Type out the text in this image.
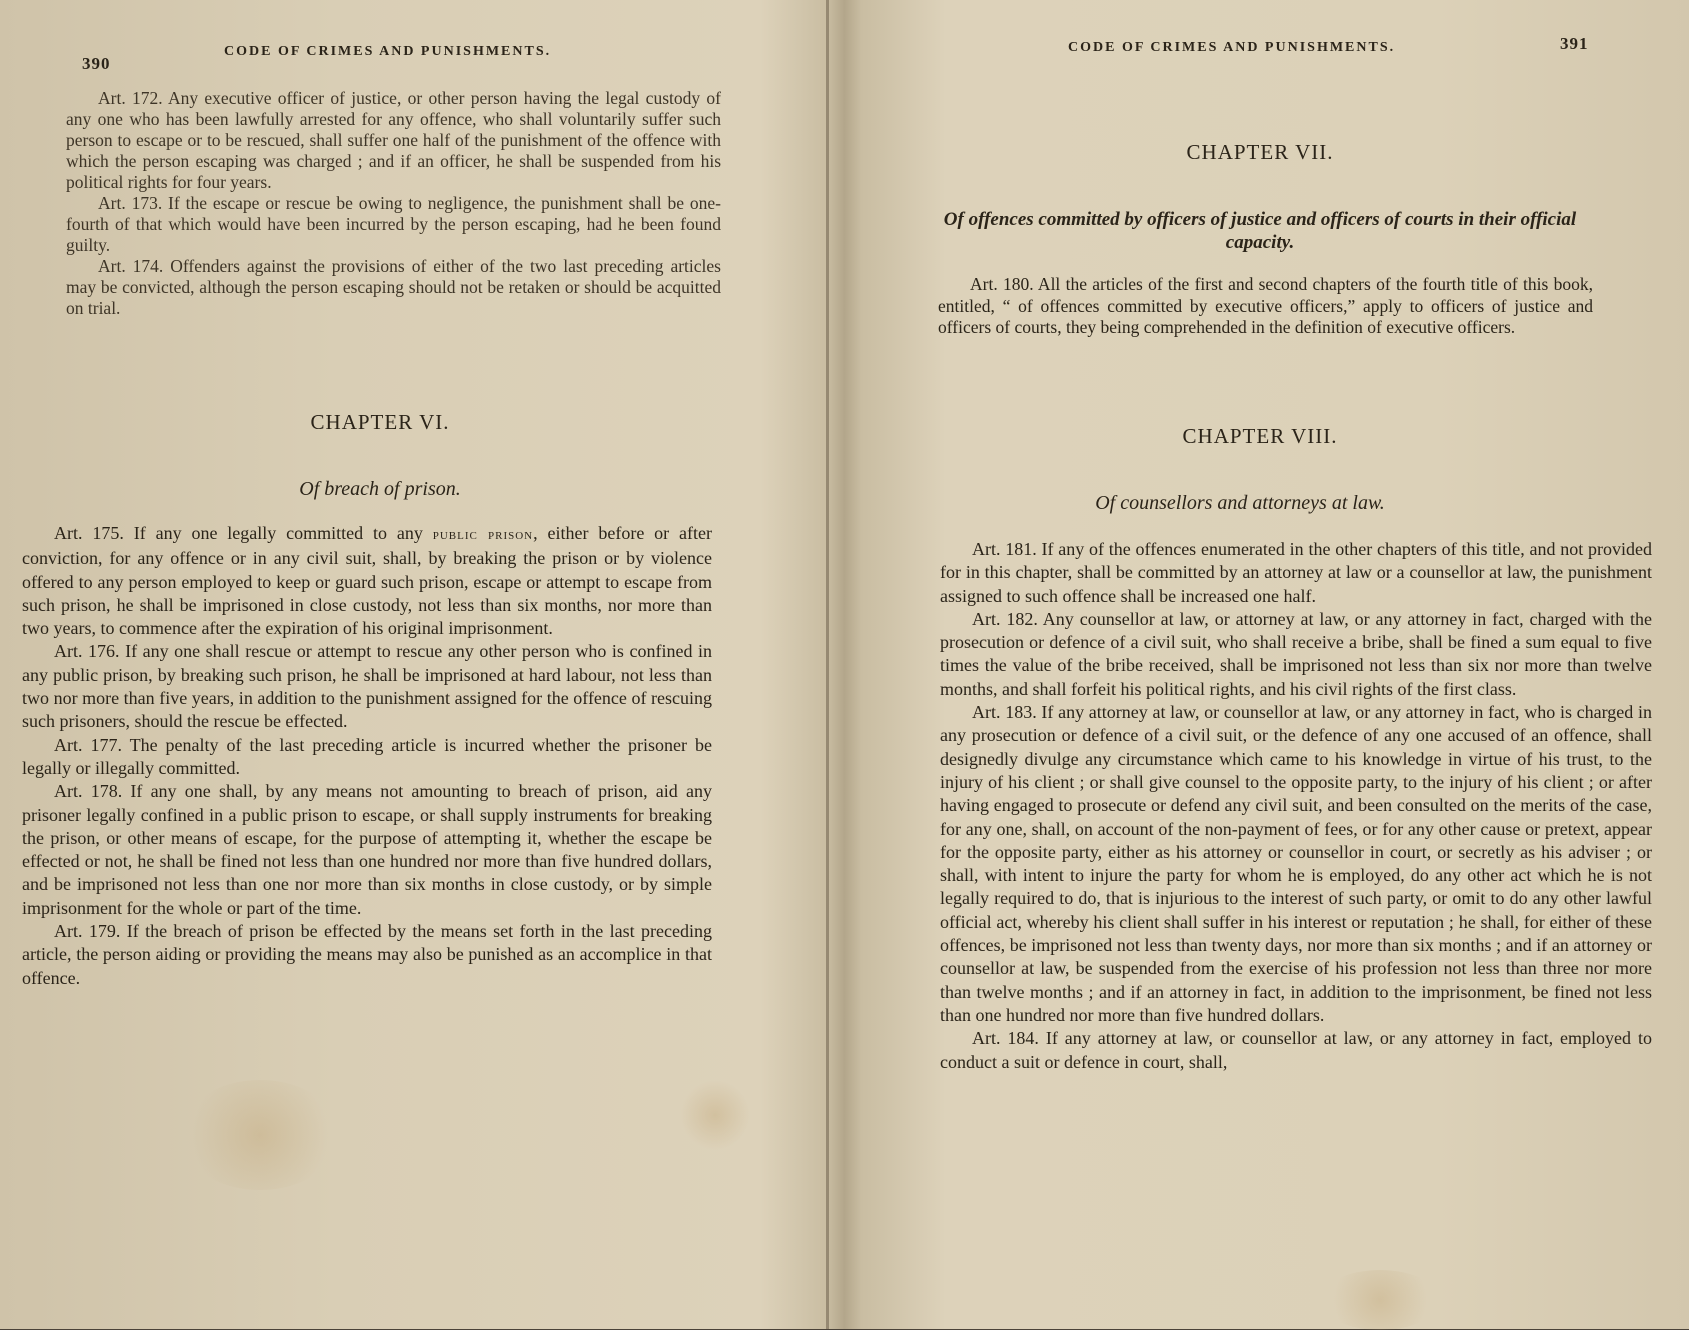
390
CODE OF CRIMES AND PUNISHMENTS.

Art. 172. Any executive officer of justice, or other person having the legal custody of any one who has been lawfully arrested for any offence, who shall voluntarily suffer such person to escape or to be rescued, shall suffer one half of the punishment of the offence with which the person escaping was charged ; and if an officer, he shall be suspended from his political rights for four years.

Art. 173. If the escape or rescue be owing to negligence, the punishment shall be one-fourth of that which would have been incurred by the person escaping, had he been found guilty.

Art. 174. Offenders against the provisions of either of the two last preceding articles may be convicted, although the person escaping should not be retaken or should be acquitted on trial.

CHAPTER VI.
Of breach of prison.

Art. 175. If any one legally committed to any public prison, either before or after conviction, for any offence or in any civil suit, shall, by breaking the prison or by violence offered to any person employed to keep or guard such prison, escape or attempt to escape from such prison, he shall be imprisoned in close custody, not less than six months, nor more than two years, to commence after the expiration of his original imprisonment.

Art. 176. If any one shall rescue or attempt to rescue any other person who is confined in any public prison, by breaking such prison, he shall be imprisoned at hard labour, not less than two nor more than five years, in addition to the punishment assigned for the offence of rescuing such prisoners, should the rescue be effected.

Art. 177. The penalty of the last preceding article is incurred whether the prisoner be legally or illegally committed.

Art. 178. If any one shall, by any means not amounting to breach of prison, aid any prisoner legally confined in a public prison to escape, or shall supply instruments for breaking the prison, or other means of escape, for the purpose of attempting it, whether the escape be effected or not, he shall be fined not less than one hundred nor more than five hundred dollars, and be imprisoned not less than one nor more than six months in close custody, or by simple imprisonment for the whole or part of the time.

Art. 179. If the breach of prison be effected by the means set forth in the last preceding article, the person aiding or providing the means may also be punished as an accomplice in that offence.

CODE OF CRIMES AND PUNISHMENTS.	391
CHAPTER VII.
Of offences committed by officers of justice and officers of courts in their official capacity.

Art. 180. All the articles of the first and second chapters of the fourth title of this book, entitled, “ of offences committed by executive officers,” apply to officers of justice and officers of courts, they being comprehended in the definition of executive officers.

CHAPTER VIII.
Of counsellors and attorneys at law.

Art. 181. If any of the offences enumerated in the other chapters of this title, and not provided for in this chapter, shall be committed by an attorney at law or a counsellor at law, the punishment assigned to such offence shall be increased one half.

Art. 182. Any counsellor at law, or attorney at law, or any attorney in fact, charged with the prosecution or defence of a civil suit, who shall receive a bribe, shall be fined a sum equal to five times the value of the bribe received, shall be imprisoned not less than six nor more than twelve months, and shall forfeit his political rights, and his civil rights of the first class.

Art. 183. If any attorney at law, or counsellor at law, or any attorney in fact, who is charged in any prosecution or defence of a civil suit, or the defence of any one accused of an offence, shall designedly divulge any circumstance which came to his knowledge in virtue of his trust, to the injury of his client ; or shall give counsel to the opposite party, to the injury of his client ; or after having engaged to prosecute or defend any civil suit, and been consulted on the merits of the case, for any one, shall, on account of the non-payment of fees, or for any other cause or pretext, appear for the opposite party, either as his attorney or counsellor in court, or secretly as his adviser ; or shall, with intent to injure the party for whom he is employed, do any other act which he is not legally required to do, that is injurious to the interest of such party, or omit to do any other lawful official act, whereby his client shall suffer in his interest or reputation ; he shall, for either of these offences, be imprisoned not less than twenty days, nor more than six months ; and if an attorney or counsellor at law, be suspended from the exercise of his profession not less than three nor more than twelve months ; and if an attorney in fact, in addition to the imprisonment, be fined not less than one hundred nor more than five hundred dollars.

Art. 184. If any attorney at law, or counsellor at law, or any attorney in fact, employed to conduct a suit or defence in court, shall,
